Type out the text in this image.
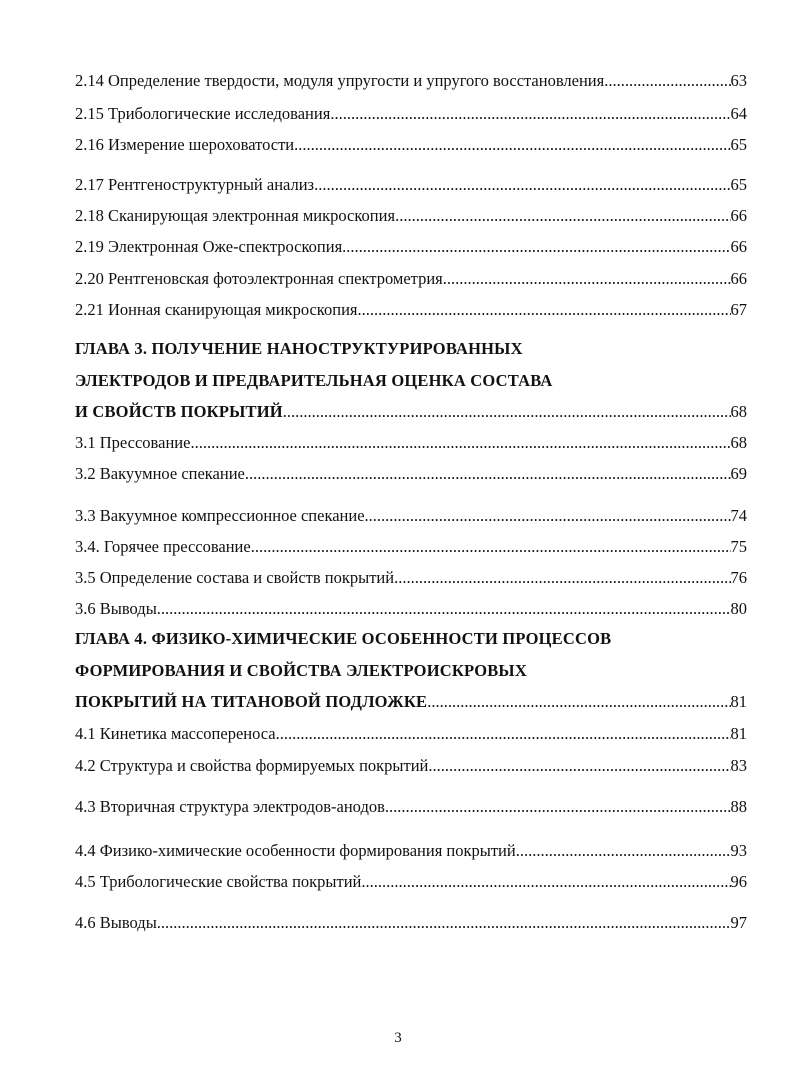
2.14 Определение твердости, модуля упругости и упругого восстановления .....	63
2.15 Трибологические исследования .....	64
2.16 Измерение шероховатости .....	65
2.17 Рентгеноструктурный анализ .....	65
2.18 Сканирующая электронная микроскопия .....	66
2.19 Электронная Оже-спектроскопия .....	66
2.20 Рентгеновская фотоэлектронная спектрометрия .....	66
2.21 Ионная сканирующая микроскопия .....	67
ГЛАВА 3. ПОЛУЧЕНИЕ НАНОСТРУКТУРИРОВАННЫХ
ЭЛЕКТРОДОВ И ПРЕДВАРИТЕЛЬНАЯ ОЦЕНКА СОСТАВА
И СВОЙСТВ ПОКРЫТИЙ .....	68
3.1 Прессование .....	68
3.2 Вакуумное спекание .....	69
3.3 Вакуумное компрессионное спекание .....	74
3.4. Горячее прессование .....	75
3.5 Определение состава и свойств покрытий .....	76
3.6 Выводы .....	80
ГЛАВА 4. ФИЗИКО-ХИМИЧЕСКИЕ ОСОБЕННОСТИ ПРОЦЕССОВ
ФОРМИРОВАНИЯ И СВОЙСТВА ЭЛЕКТРОИСКРОВЫХ
ПОКРЫТИЙ НА ТИТАНОВОЙ ПОДЛОЖКЕ .....	81
4.1 Кинетика массопереноса .....	81
4.2 Структура и свойства формируемых покрытий .....	83
4.3 Вторичная структура электродов-анодов .....	88
4.4 Физико-химические особенности формирования покрытий .....	93
4.5 Трибологические свойства покрытий .....	96
4.6 Выводы .....	97
3
